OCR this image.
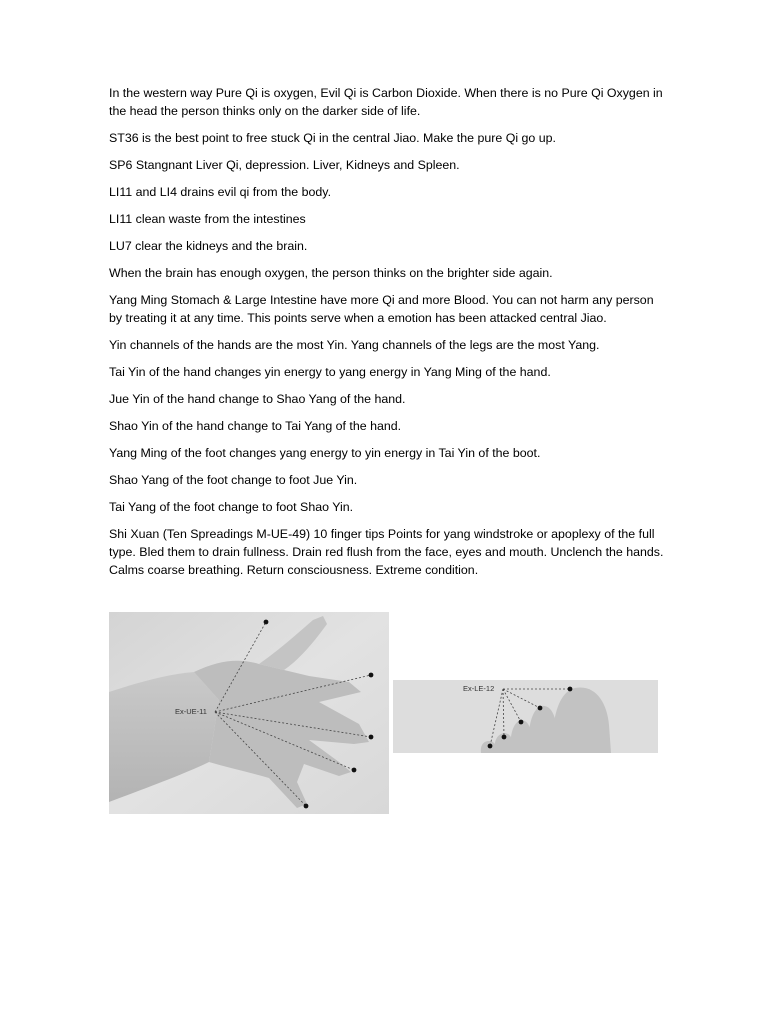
In the western way Pure Qi is oxygen, Evil Qi is Carbon Dioxide. When there is no Pure Qi Oxygen in the head the person thinks only on the darker side of life.

ST36 is the best point to free stuck Qi in the central Jiao. Make the pure Qi go up.

SP6 Stangnant Liver Qi, depression. Liver, Kidneys and Spleen.

LI11 and LI4 drains evil qi from the body.

LI11 clean waste from the intestines

LU7 clear the kidneys and the brain.

When the brain has enough oxygen, the person thinks on the brighter side again.

Yang Ming Stomach & Large Intestine have more Qi and more Blood. You can not harm any person by treating it at any time. This points serve when a emotion has been attacked central Jiao.

Yin channels of the hands are the most Yin. Yang channels of the legs are the most Yang.

Tai Yin of the hand changes yin energy to yang energy in Yang Ming of the hand.

Jue Yin of the hand change to Shao Yang of the hand.

Shao Yin of the hand change to Tai Yang of the hand.

Yang Ming of the foot changes yang energy to yin energy in Tai Yin of the boot.

Shao Yang of the foot change to foot Jue Yin.

Tai Yang of the foot change to foot Shao Yin.

Shi Xuan (Ten Spreadings M-UE-49) 10 finger tips Points for yang windstroke or apoplexy of the full type. Bled them to drain fullness. Drain red flush from the face, eyes and mouth. Unclench the hands. Calms coarse breathing. Return consciousness. Extreme condition.

Ex-UE-11
Ex-LE-12
